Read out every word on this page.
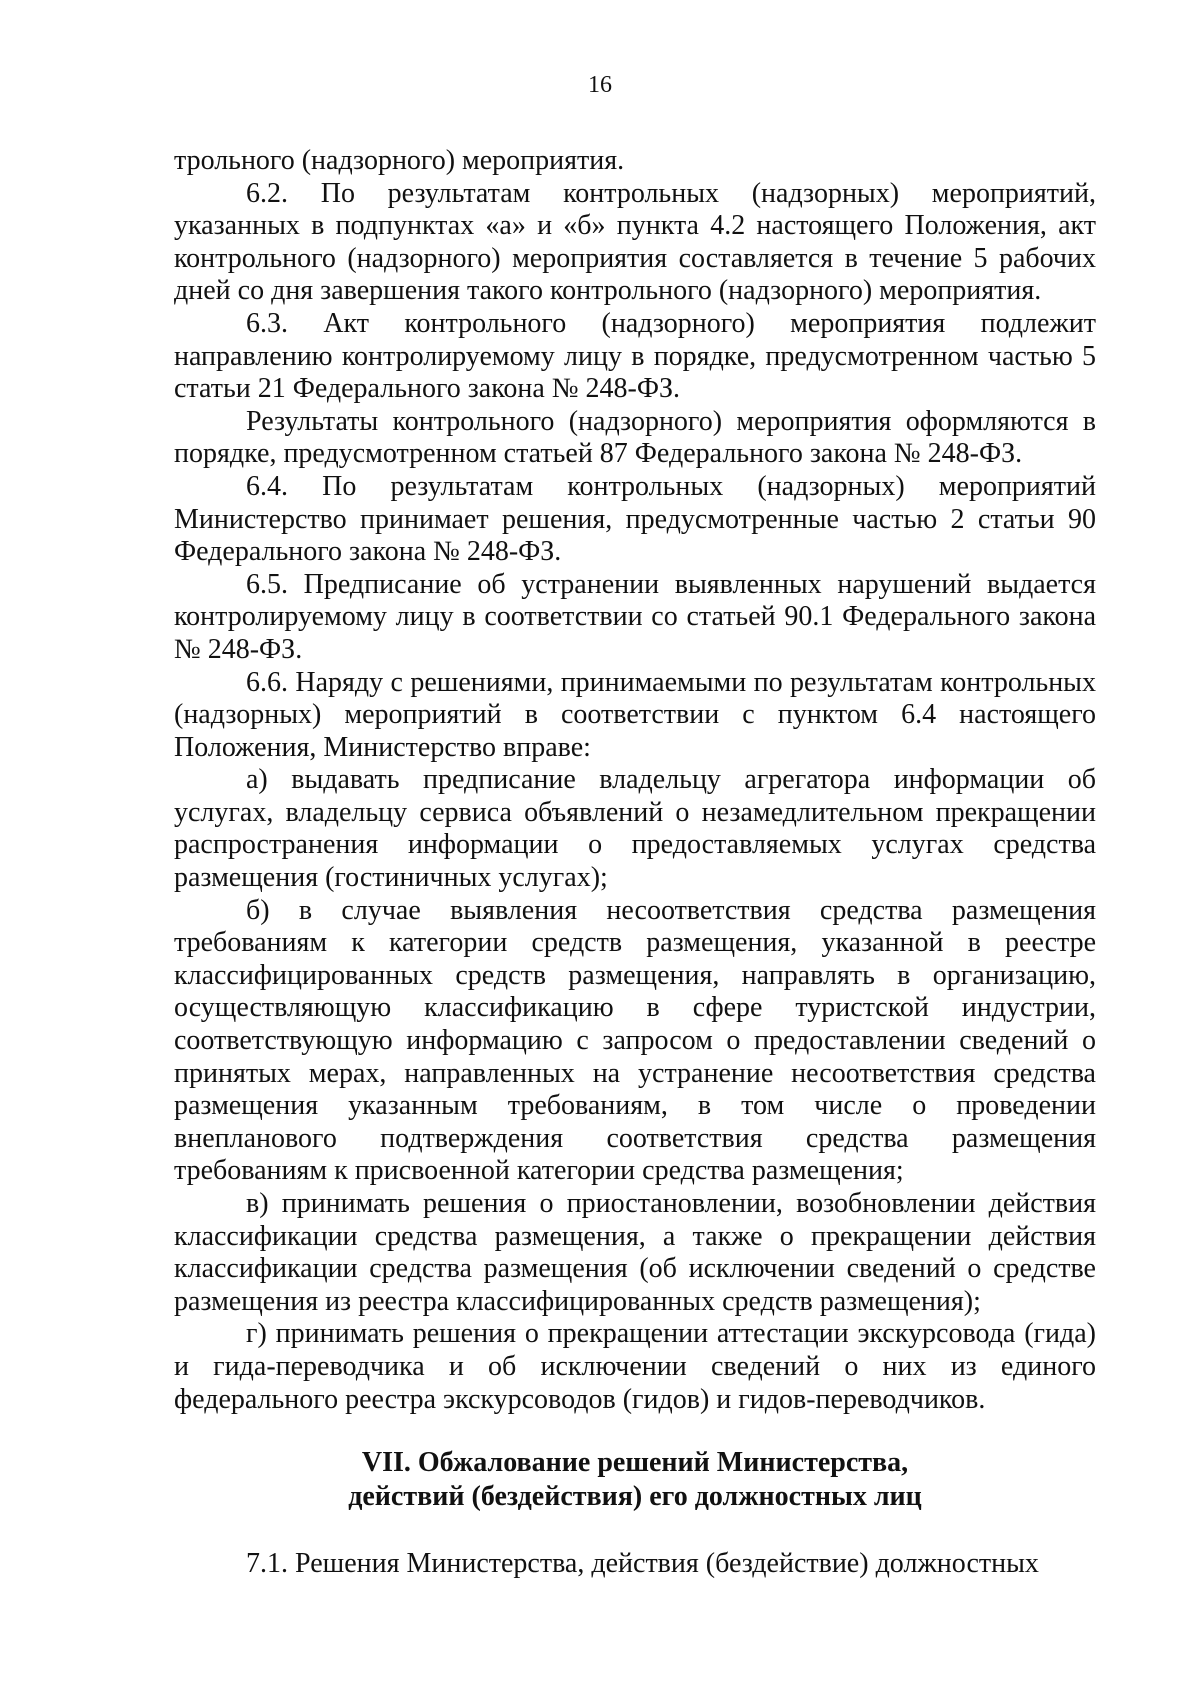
16

трольного (надзорного) мероприятия.

6.2. По результатам контрольных (надзорных) мероприятий, указанных в подпунктах «а» и «б» пункта 4.2 настоящего Положения, акт контрольного (надзорного) мероприятия составляется в течение 5 рабочих дней со дня завершения такого контрольного (надзорного) мероприятия.

6.3. Акт контрольного (надзорного) мероприятия подлежит направлению контролируемому лицу в порядке, предусмотренном частью 5 статьи 21 Федерального закона № 248-ФЗ.

Результаты контрольного (надзорного) мероприятия оформляются в порядке, предусмотренном статьей 87 Федерального закона № 248-ФЗ.

6.4. По результатам контрольных (надзорных) мероприятий Министерство принимает решения, предусмотренные частью 2 статьи 90 Федерального закона № 248-ФЗ.

6.5. Предписание об устранении выявленных нарушений выдается контролируемому лицу в соответствии со статьей 90.1 Федерального закона № 248-ФЗ.

6.6. Наряду с решениями, принимаемыми по результатам контрольных (надзорных) мероприятий в соответствии с пунктом 6.4 настоящего Положения, Министерство вправе:

а) выдавать предписание владельцу агрегатора информации об услугах, владельцу сервиса объявлений о незамедлительном прекращении распространения информации о предоставляемых услугах средства размещения (гостиничных услугах);

б) в случае выявления несоответствия средства размещения требованиям к категории средств размещения, указанной в реестре классифицированных средств размещения, направлять в организацию, осуществляющую классификацию в сфере туристской индустрии, соответствующую информацию с запросом о предоставлении сведений о принятых мерах, направленных на устранение несоответствия средства размещения указанным требованиям, в том числе о проведении внепланового подтверждения соответствия средства размещения требованиям к присвоенной категории средства размещения;

в) принимать решения о приостановлении, возобновлении действия классификации средства размещения, а также о прекращении действия классификации средства размещения (об исключении сведений о средстве размещения из реестра классифицированных средств размещения);

г) принимать решения о прекращении аттестации экскурсовода (гида) и гида-переводчика и об исключении сведений о них из единого федерального реестра экскурсоводов (гидов) и гидов-переводчиков.

VII. Обжалование решений Министерства,
действий (бездействия) его должностных лиц

7.1. Решения Министерства, действия (бездействие) должностных
